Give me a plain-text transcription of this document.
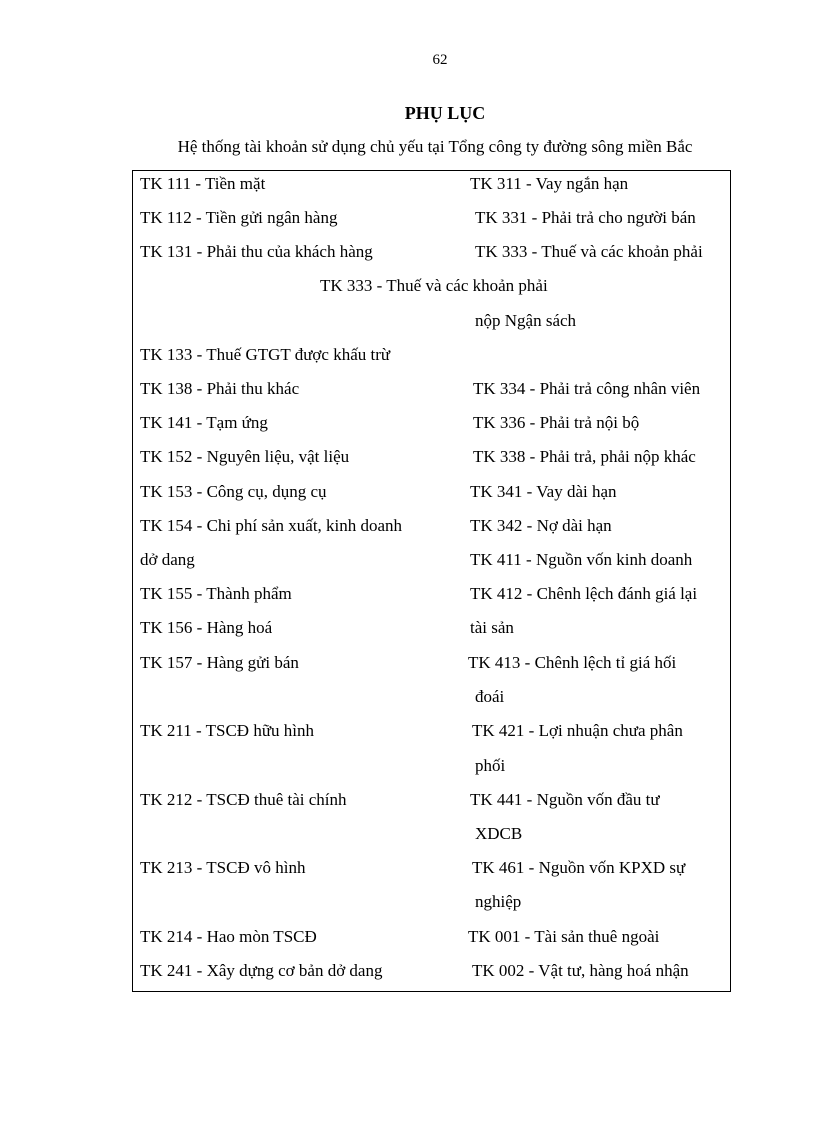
62
PHỤ LỤC
Hệ thống tài khoản sử dụng chủ yếu tại Tổng công ty đường sông miền Bắc
TK 111 - Tiền mặt	TK 311 - Vay ngắn hạn
TK 112 - Tiền gửi ngân hàng	TK 331 - Phải trả cho người bán
TK 131 - Phải thu của khách hàng	TK 333 - Thuế và các khoản phải
TK 333 - Thuế và các khoản phải
nộp Ngận sách
TK 133 - Thuế GTGT được khấu trừ
TK 138 - Phải thu khác	TK 334 - Phải trả công nhân viên
TK 141 - Tạm ứng	TK 336 - Phải trả nội bộ
TK 152 - Nguyên liệu, vật liệu	TK 338 - Phải trả, phải nộp khác
TK 153 - Công cụ, dụng cụ	TK 341 - Vay dài hạn
TK 154 - Chi phí sản xuất, kinh doanh	TK 342 - Nợ dài hạn
dở dang	TK 411 - Nguồn vốn kinh doanh
TK 155 - Thành phẩm	TK 412 - Chênh lệch đánh giá lại
TK 156 - Hàng hoá	tài sản
TK 157 - Hàng gửi bán	TK 413 - Chênh lệch tỉ giá hối
đoái
TK 211 - TSCĐ hữu hình	TK 421 - Lợi nhuận chưa phân
phối
TK 212 - TSCĐ thuê tài chính	TK 441 - Nguồn vốn đầu tư
XDCB
TK 213 - TSCĐ vô hình	TK 461 - Nguồn vốn KPXD sự
nghiệp
TK 214 - Hao mòn TSCĐ	TK 001 - Tài sản thuê ngoài
TK 241 - Xây dựng cơ bản dở dang	TK 002 - Vật tư, hàng hoá nhận
